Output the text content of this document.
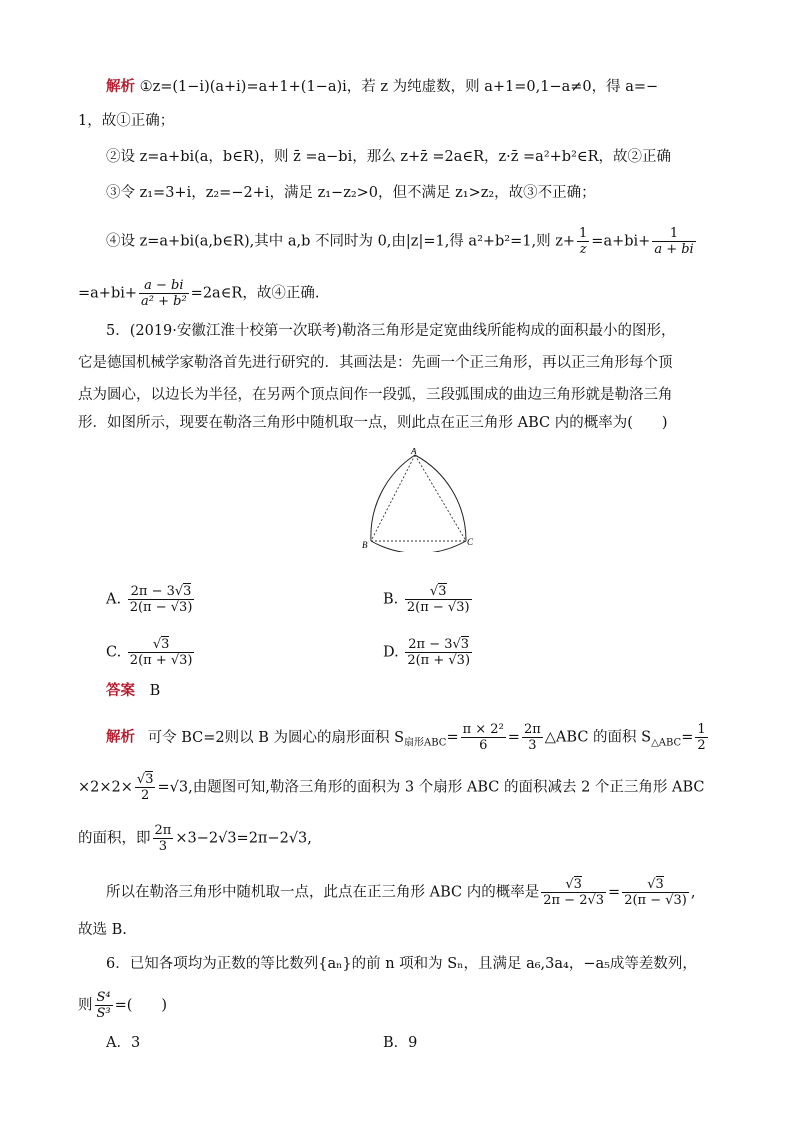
解析 ①z=(1−i)(a+i)=a+1+(1−a)i，若 z 为纯虚数，则 a+1=0,1−a≠0，得 a=−
1，故①正确；
②设 z=a+bi(a，b∈R)，则 z̄ =a−bi，那么 z+z̄ =2a∈R，z·z̄ =a²+b²∈R，故②正确
③令 z₁=3+i，z₂=−2+i，满足 z₁−z₂>0，但不满足 z₁>z₂，故③不正确；
④设 z=a+bi(a,b∈R),其中 a,b 不同时为 0,由|z|=1,得 a²+b²=1,则 $z+ \frac{1}{z} =a+bi+ \frac{1}{a + bi}$
$=a+bi+ \frac{a - bi}{\text{a² + b²}}$ =2a∈R，故④正确.
5．(2019·安徽江淮十校第一次联考)勒洛三角形是定宽曲线所能构成的面积最小的图形，
它是德国机械学家勒洛首先进行研究的．其画法是：先画一个正三角形，再以正三角形每个顶
点为圆心，以边长为半径，在另两个顶点间作一段弧，三段弧围成的曲边三角形就是勒洛三角
形．如图所示，现要在勒洛三角形中随机取一点，则此点在正三角形 ABC 内的概率为(　　)
A
B	C
A. $\frac{2\pi - 3√3}{2(\pi - √3)}$	B. $\frac{√3}{2(\pi - √3)}$
C. $\frac{√3}{2(\pi + √3)}$	D. $\frac{2\pi - 3√3}{2(\pi + √3)}$
答案 B
解析 可令 BC=2则以 B 为圆心的扇形面积 $S_{扇形ABC}= \frac{\text{π × 2²}}{6} = \frac{2\pi}{3}$ △ABC 的面积 $S_{\triangle ABC}= \frac{1}{2}$
$\times 2\times 2\times \frac{√3}{2} =√3$,由题图可知,勒洛三角形的面积为 3 个扇形 ABC 的面积减去 2 个正三角形 ABC
的面积，即 $\frac{2\pi}{3} \times 3-2√3=2\pi-2√3$,
所以在勒洛三角形中随机取一点，此点在正三角形 ABC 内的概率是 $\frac{√3}{2\pi - 2√3} = \frac{√3}{2(\pi - √3)}$ ,
故选 B.
6．已知各项均为正数的等比数列{aₙ}的前 n 项和为 Sₙ，且满足 a₆,3a₄，−a₅成等差数列，
则 $\frac{\text{S⁴}}{\text{S³}}$ =(　　)
A．3	B．9
